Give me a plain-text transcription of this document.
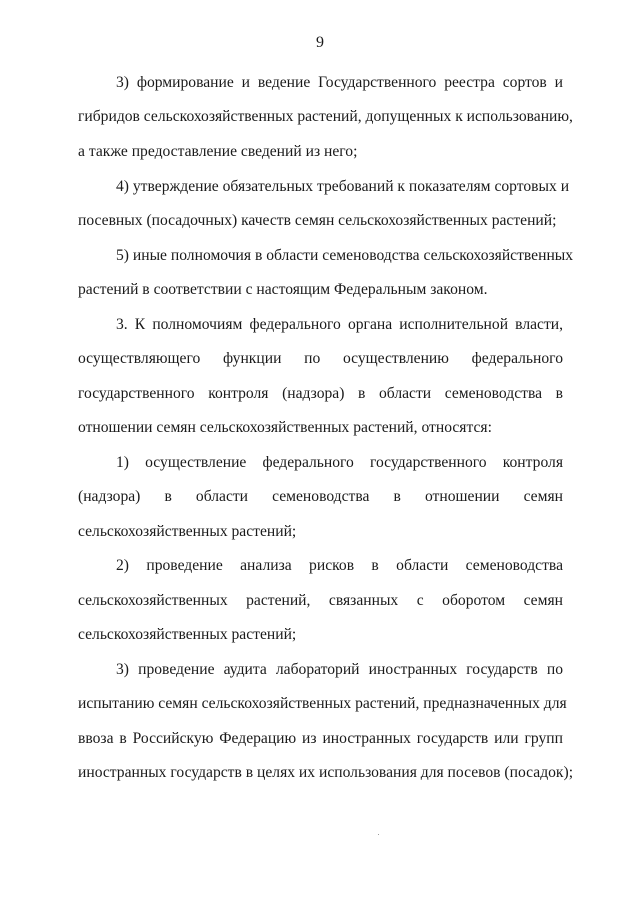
9
3) формирование и ведение Государственного реестра сортов и
гибридов сельскохозяйственных растений, допущенных к использованию,
а также предоставление сведений из него;
4) утверждение обязательных требований к показателям сортовых и
посевных (посадочных) качеств семян сельскохозяйственных растений;
5) иные полномочия в области семеноводства сельскохозяйственных
растений в соответствии с настоящим Федеральным законом.
3. К полномочиям федерального органа исполнительной власти,
осуществляющего функции по осуществлению федерального
государственного контроля (надзора) в области семеноводства в
отношении семян сельскохозяйственных растений, относятся:
1) осуществление федерального государственного контроля
(надзора) в области семеноводства в отношении семян
сельскохозяйственных растений;
2) проведение анализа рисков в области семеноводства
сельскохозяйственных растений, связанных с оборотом семян
сельскохозяйственных растений;
3) проведение аудита лабораторий иностранных государств по
испытанию семян сельскохозяйственных растений, предназначенных для
ввоза в Российскую Федерацию из иностранных государств или групп
иностранных государств в целях их использования для посевов (посадок);
